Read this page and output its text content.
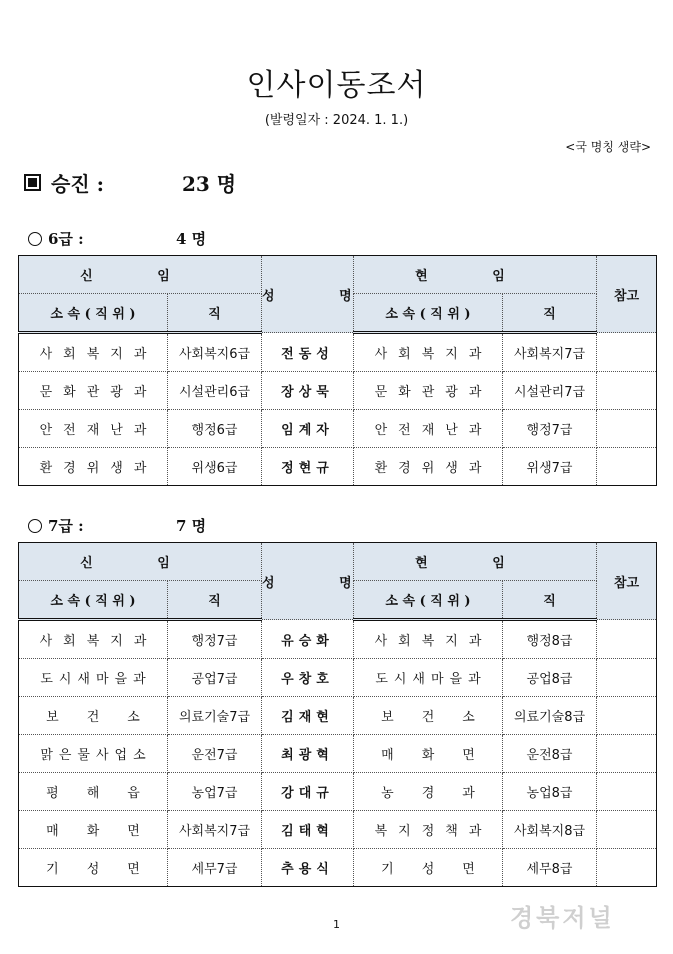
인사이동조서
(발령일자 : 2024. 1. 1.)
<국 명칭 생략>
승진 :	23 명
6급 :	4 명
신 임		성 명	현 임		참고
소 속 ( 직 위 )	직		소 속 ( 직 위 )	직	
사회복지과	사회복지6급	전동성	사회복지과	사회복지7급	
문화관광과	시설관리6급	장상묵	문화관광과	시설관리7급	
안전재난과	행정6급	임계자	안전재난과	행정7급	
환경위생과	위생6급	정현규	환경위생과	위생7급	
7급 :	7 명
신 임		성 명	현 임		참고
소 속 ( 직 위 )	직		소 속 ( 직 위 )	직	
사회복지과	행정7급	유승화	사회복지과	행정8급	
도시새마을과	공업7급	우창호	도시새마을과	공업8급	
보건소	의료기술7급	김재현	보건소	의료기술8급	
맑은물사업소	운전7급	최광혁	매화면	운전8급	
평해읍	농업7급	강대규	농경과	농업8급	
매화면	사회복지7급	김태혁	복지정책과	사회복지8급	
기성면	세무7급	추용식	기성면	세무8급	
1	경북저널
